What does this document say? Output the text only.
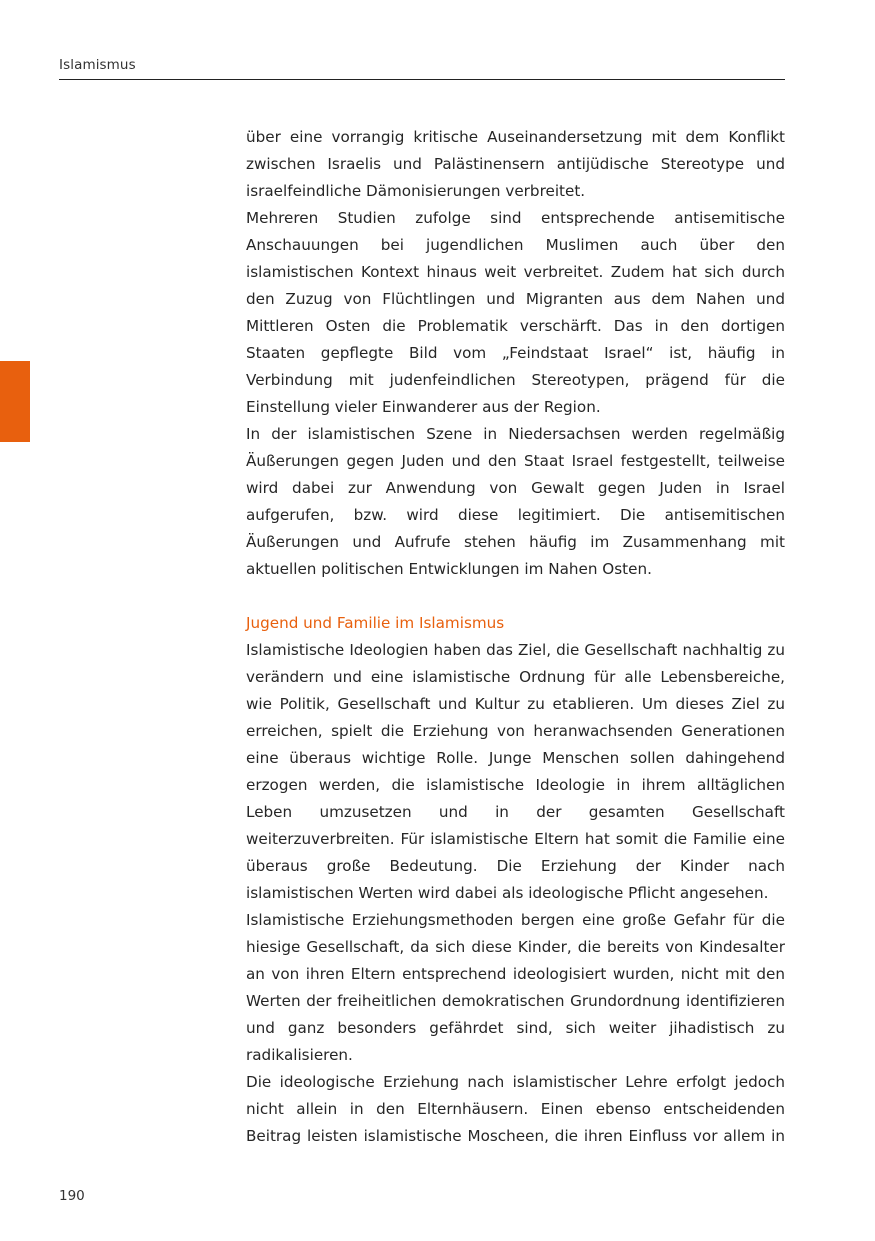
Islamismus

über eine vorrangig kritische Auseinandersetzung mit dem Konflikt zwischen Israelis und Palästinensern antijüdische Stereotype und israelfeindliche Dämonisierungen verbreitet.

Mehreren Studien zufolge sind entsprechende antisemitische Anschauungen bei jugendlichen Muslimen auch über den islamistischen Kontext hinaus weit verbreitet. Zudem hat sich durch den Zuzug von Flüchtlingen und Migranten aus dem Nahen und Mittleren Osten die Problematik verschärft. Das in den dortigen Staaten gepflegte Bild vom „Feindstaat Israel“ ist, häufig in Verbindung mit judenfeindlichen Stereotypen, prägend für die Einstellung vieler Einwanderer aus der Region.

In der islamistischen Szene in Niedersachsen werden regelmäßig Äußerungen gegen Juden und den Staat Israel festgestellt, teilweise wird dabei zur Anwendung von Gewalt gegen Juden in Israel aufgerufen, bzw. wird diese legitimiert. Die antisemitischen Äußerungen und Aufrufe stehen häufig im Zusammenhang mit aktuellen politischen Entwicklungen im Nahen Osten.

Jugend und Familie im Islamismus

Islamistische Ideologien haben das Ziel, die Gesellschaft nachhaltig zu verändern und eine islamistische Ordnung für alle Lebensbereiche, wie Politik, Gesellschaft und Kultur zu etablieren. Um dieses Ziel zu erreichen, spielt die Erziehung von heranwachsenden Generationen eine überaus wichtige Rolle. Junge Menschen sollen dahingehend erzogen werden, die islamistische Ideologie in ihrem alltäglichen Leben umzusetzen und in der gesamten Gesellschaft weiterzuverbreiten. Für islamistische Eltern hat somit die Familie eine überaus große Bedeutung. Die Erziehung der Kinder nach islamistischen Werten wird dabei als ideologische Pflicht angesehen.

Islamistische Erziehungsmethoden bergen eine große Gefahr für die hiesige Gesellschaft, da sich diese Kinder, die bereits von Kindesalter an von ihren Eltern entsprechend ideologisiert wurden, nicht mit den Werten der freiheitlichen demokratischen Grundordnung identifizieren und ganz besonders gefährdet sind, sich weiter jihadistisch zu radikalisieren.

Die ideologische Erziehung nach islamistischer Lehre erfolgt jedoch nicht allein in den Elternhäusern. Einen ebenso entscheidenden Beitrag leisten islamistische Moscheen, die ihren Einfluss vor allem in

190
